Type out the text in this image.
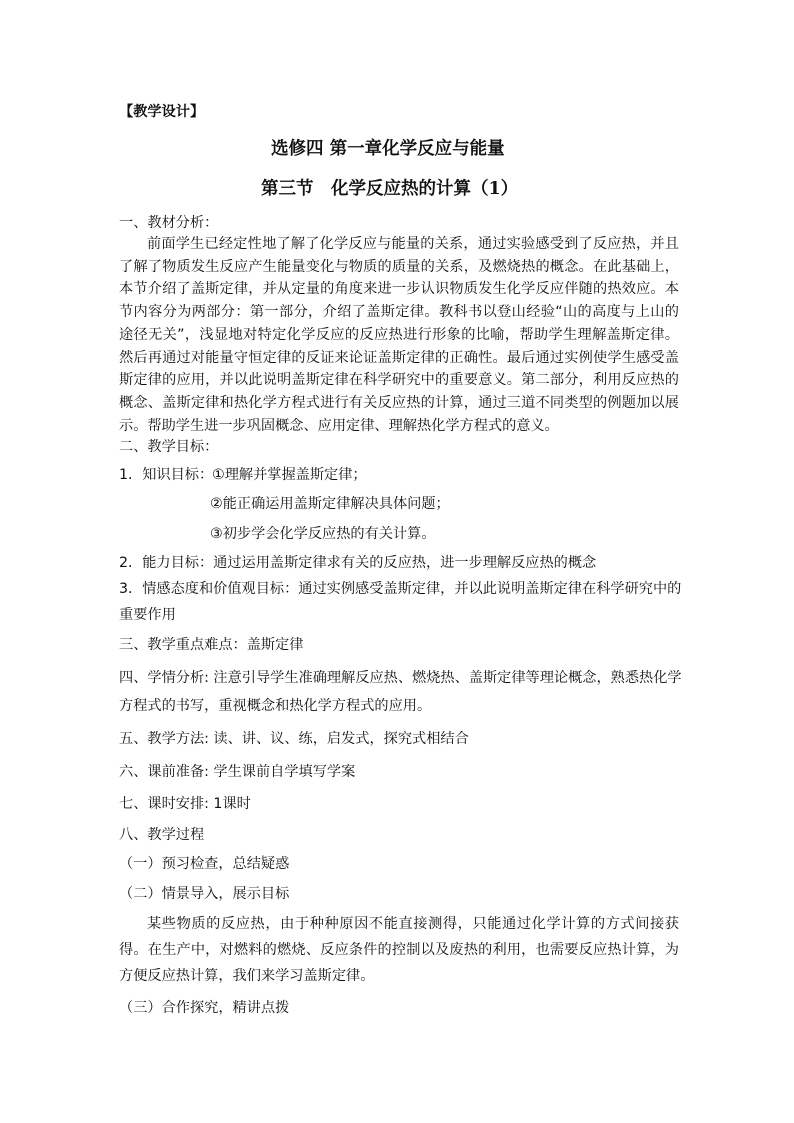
【教学设计】
选修四 第一章化学反应与能量
第三节　化学反应热的计算（1）
一、教材分析：
前面学生已经定性地了解了化学反应与能量的关系，通过实验感受到了反应热，并且了解了物质发生反应产生能量变化与物质的质量的关系，及燃烧热的概念。在此基础上，本节介绍了盖斯定律，并从定量的角度来进一步认识物质发生化学反应伴随的热效应。本节内容分为两部分：第一部分，介绍了盖斯定律。教科书以登山经验“山的高度与上山的途径无关”，浅显地对特定化学反应的反应热进行形象的比喻，帮助学生理解盖斯定律。然后再通过对能量守恒定律的反证来论证盖斯定律的正确性。最后通过实例使学生感受盖斯定律的应用，并以此说明盖斯定律在科学研究中的重要意义。第二部分，利用反应热的概念、盖斯定律和热化学方程式进行有关反应热的计算，通过三道不同类型的例题加以展示。帮助学生进一步巩固概念、应用定律、理解热化学方程式的意义。
二、教学目标：
1．知识目标：
①理解并掌握盖斯定律；
②能正确运用盖斯定律解决具体问题；
③初步学会化学反应热的有关计算。
2．能力目标：通过运用盖斯定律求有关的反应热，进一步理解反应热的概念
3．情感态度和价值观目标：通过实例感受盖斯定律，并以此说明盖斯定律在科学研究中的
重要作用
三、教学重点难点：盖斯定律
四、学情分析: 注意引导学生准确理解反应热、燃烧热、盖斯定律等理论概念，熟悉热化学
方程式的书写，重视概念和热化学方程式的应用。
五、教学方法: 读、讲、议、练，启发式，探究式相结合
六、课前准备: 学生课前自学填写学案
七、课时安排: 1课时
八、教学过程
（一）预习检查，总结疑惑
（二）情景导入，展示目标
某些物质的反应热，由于种种原因不能直接测得，只能通过化学计算的方式间接获得。在生产中，对燃料的燃烧、反应条件的控制以及废热的利用，也需要反应热计算，为方便反应热计算，我们来学习盖斯定律。
（三）合作探究，精讲点拨
